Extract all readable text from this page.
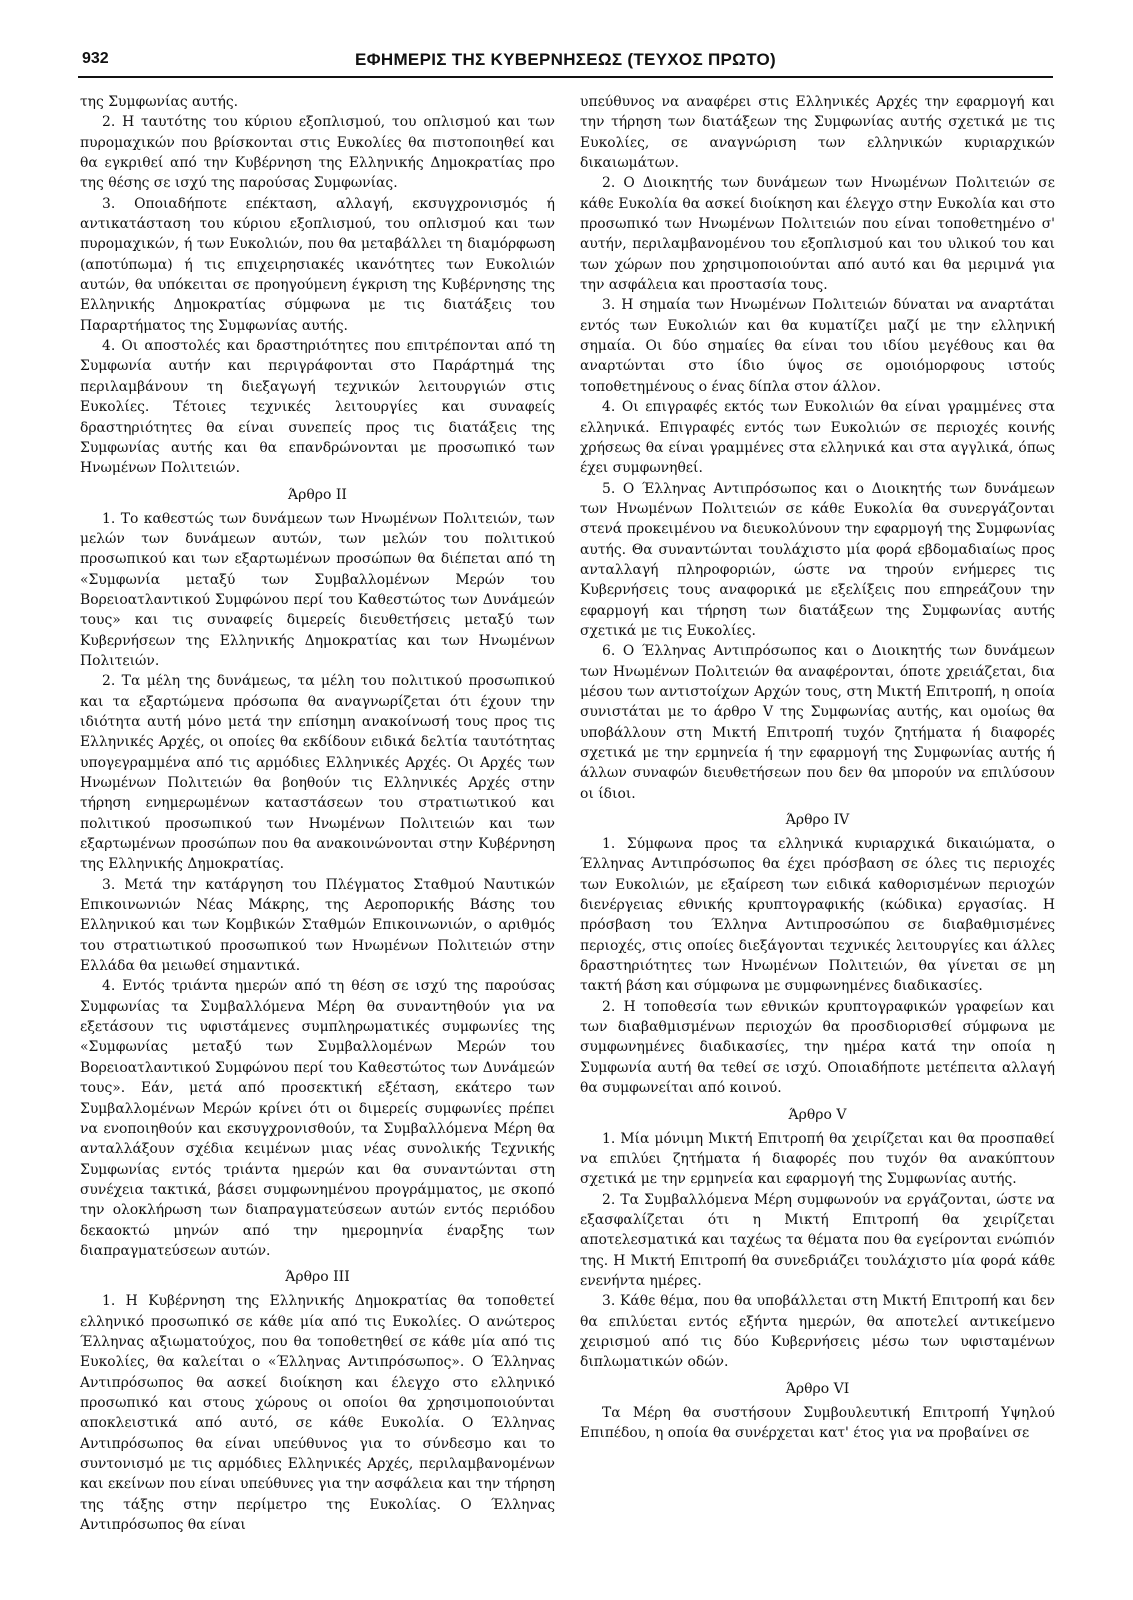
932	ΕΦΗΜΕΡΙΣ ΤΗΣ ΚΥΒΕΡΝΗΣΕΩΣ (ΤΕΥΧΟΣ ΠΡΩΤΟ)

της Συμφωνίας αυτής.

2. Η ταυτότης του κύριου εξοπλισμού, του οπλισμού και των πυρομαχικών που βρίσκονται στις Ευκολίες θα πιστοποιηθεί και θα εγκριθεί από την Κυβέρνηση της Ελληνικής Δημοκρατίας προ της θέσης σε ισχύ της παρούσας Συμφωνίας.

3. Οποιαδήποτε επέκταση, αλλαγή, εκσυγχρονισμός ή αντικατάσταση του κύριου εξοπλισμού, του οπλισμού και των πυρομαχικών, ή των Ευκολιών, που θα μεταβάλλει τη διαμόρφωση (αποτύπωμα) ή τις επιχειρησιακές ικανότητες των Ευκολιών αυτών, θα υπόκειται σε προηγούμενη έγκριση της Κυβέρνησης της Ελληνικής Δημοκρατίας σύμφωνα με τις διατάξεις του Παραρτήματος της Συμφωνίας αυτής.

4. Οι αποστολές και δραστηριότητες που επιτρέπονται από τη Συμφωνία αυτήν και περιγράφονται στο Παράρτημά της περιλαμβάνουν τη διεξαγωγή τεχνικών λειτουργιών στις Ευκολίες. Τέτοιες τεχνικές λειτουργίες και συναφείς δραστηριότητες θα είναι συνεπείς προς τις διατάξεις της Συμφωνίας αυτής και θα επανδρώνονται με προσωπικό των Ηνωμένων Πολιτειών.

Άρθρο ΙΙ

1. Το καθεστώς των δυνάμεων των Ηνωμένων Πολιτειών, των μελών των δυνάμεων αυτών, των μελών του πολιτικού προσωπικού και των εξαρτωμένων προσώπων θα διέπεται από τη «Συμφωνία μεταξύ των Συμβαλλομένων Μερών του Βορειοατλαντικού Συμφώνου περί του Καθεστώτος των Δυνάμεών τους» και τις συναφείς διμερείς διευθετήσεις μεταξύ των Κυβερνήσεων της Ελληνικής Δημοκρατίας και των Ηνωμένων Πολιτειών.

2. Τα μέλη της δυνάμεως, τα μέλη του πολιτικού προσωπικού και τα εξαρτώμενα πρόσωπα θα αναγνωρίζεται ότι έχουν την ιδιότητα αυτή μόνο μετά την επίσημη ανακοίνωσή τους προς τις Ελληνικές Αρχές, οι οποίες θα εκδίδουν ειδικά δελτία ταυτότητας υπογεγραμμένα από τις αρμόδιες Ελληνικές Αρχές. Οι Αρχές των Ηνωμένων Πολιτειών θα βοηθούν τις Ελληνικές Αρχές στην τήρηση ενημερωμένων καταστάσεων του στρατιωτικού και πολιτικού προσωπικού των Ηνωμένων Πολιτειών και των εξαρτωμένων προσώπων που θα ανακοινώνονται στην Κυβέρνηση της Ελληνικής Δημοκρατίας.

3. Μετά την κατάργηση του Πλέγματος Σταθμού Ναυτικών Επικοινωνιών Νέας Μάκρης, της Αεροπορικής Βάσης του Ελληνικού και των Κομβικών Σταθμών Επικοινωνιών, ο αριθμός του στρατιωτικού προσωπικού των Ηνωμένων Πολιτειών στην Ελλάδα θα μειωθεί σημαντικά.

4. Εντός τριάντα ημερών από τη θέση σε ισχύ της παρούσας Συμφωνίας τα Συμβαλλόμενα Μέρη θα συναντηθούν για να εξετάσουν τις υφιστάμενες συμπληρωματικές συμφωνίες της «Συμφωνίας μεταξύ των Συμβαλλομένων Μερών του Βορειοατλαντικού Συμφώνου περί του Καθεστώτος των Δυνάμεών τους». Εάν, μετά από προσεκτική εξέταση, εκάτερο των Συμβαλλομένων Μερών κρίνει ότι οι διμερείς συμφωνίες πρέπει να ενοποιηθούν και εκσυγχρονισθούν, τα Συμβαλλόμενα Μέρη θα ανταλλάξουν σχέδια κειμένων μιας νέας συνολικής Τεχνικής Συμφωνίας εντός τριάντα ημερών και θα συναντώνται στη συνέχεια τακτικά, βάσει συμφωνημένου προγράμματος, με σκοπό την ολοκλήρωση των διαπραγματεύσεων αυτών εντός περιόδου δεκαοκτώ μηνών από την ημερομηνία έναρξης των διαπραγματεύσεων αυτών.

Άρθρο ΙΙΙ

1. Η Κυβέρνηση της Ελληνικής Δημοκρατίας θα τοποθετεί ελληνικό προσωπικό σε κάθε μία από τις Ευκολίες. Ο ανώτερος Έλληνας αξιωματούχος, που θα τοποθετηθεί σε κάθε μία από τις Ευκολίες, θα καλείται ο «Έλληνας Αντιπρόσωπος». Ο Έλληνας Αντιπρόσωπος θα ασκεί διοίκηση και έλεγχο στο ελληνικό προσωπικό και στους χώρους οι οποίοι θα χρησιμοποιούνται αποκλειστικά από αυτό, σε κάθε Ευκολία. Ο Έλληνας Αντιπρόσωπος θα είναι υπεύθυνος για το σύνδεσμο και το συντονισμό με τις αρμόδιες Ελληνικές Αρχές, περιλαμβανομένων και εκείνων που είναι υπεύθυνες για την ασφάλεια και την τήρηση της τάξης στην περίμετρο της Ευκολίας. Ο Έλληνας Αντιπρόσωπος θα είναι

υπεύθυνος να αναφέρει στις Ελληνικές Αρχές την εφαρμογή και την τήρηση των διατάξεων της Συμφωνίας αυτής σχετικά με τις Ευκολίες, σε αναγνώριση των ελληνικών κυριαρχικών δικαιωμάτων.

2. Ο Διοικητής των δυνάμεων των Ηνωμένων Πολιτειών σε κάθε Ευκολία θα ασκεί διοίκηση και έλεγχο στην Ευκολία και στο προσωπικό των Ηνωμένων Πολιτειών που είναι τοποθετημένο σ' αυτήν, περιλαμβανομένου του εξοπλισμού και του υλικού του και των χώρων που χρησιμοποιούνται από αυτό και θα μεριμνά για την ασφάλεια και προστασία τους.

3. Η σημαία των Ηνωμένων Πολιτειών δύναται να αναρτάται εντός των Ευκολιών και θα κυματίζει μαζί με την ελληνική σημαία. Οι δύο σημαίες θα είναι του ιδίου μεγέθους και θα αναρτώνται στο ίδιο ύψος σε ομοιόμορφους ιστούς τοποθετημένους ο ένας δίπλα στον άλλον.

4. Οι επιγραφές εκτός των Ευκολιών θα είναι γραμμένες στα ελληνικά. Επιγραφές εντός των Ευκολιών σε περιοχές κοινής χρήσεως θα είναι γραμμένες στα ελληνικά και στα αγγλικά, όπως έχει συμφωνηθεί.

5. Ο Έλληνας Αντιπρόσωπος και ο Διοικητής των δυνάμεων των Ηνωμένων Πολιτειών σε κάθε Ευκολία θα συνεργάζονται στενά προκειμένου να διευκολύνουν την εφαρμογή της Συμφωνίας αυτής. Θα συναντώνται τουλάχιστο μία φορά εβδομαδιαίως προς ανταλλαγή πληροφοριών, ώστε να τηρούν ενήμερες τις Κυβερνήσεις τους αναφορικά με εξελίξεις που επηρεάζουν την εφαρμογή και τήρηση των διατάξεων της Συμφωνίας αυτής σχετικά με τις Ευκολίες.

6. Ο Έλληνας Αντιπρόσωπος και ο Διοικητής των δυνάμεων των Ηνωμένων Πολιτειών θα αναφέρονται, όποτε χρειάζεται, δια μέσου των αντιστοίχων Αρχών τους, στη Μικτή Επιτροπή, η οποία συνιστάται με το άρθρο V της Συμφωνίας αυτής, και ομοίως θα υποβάλλουν στη Μικτή Επιτροπή τυχόν ζητήματα ή διαφορές σχετικά με την ερμηνεία ή την εφαρμογή της Συμφωνίας αυτής ή άλλων συναφών διευθετήσεων που δεν θα μπορούν να επιλύσουν οι ίδιοι.

Άρθρο ΙV

1. Σύμφωνα προς τα ελληνικά κυριαρχικά δικαιώματα, ο Έλληνας Αντιπρόσωπος θα έχει πρόσβαση σε όλες τις περιοχές των Ευκολιών, με εξαίρεση των ειδικά καθορισμένων περιοχών διενέργειας εθνικής κρυπτογραφικής (κώδικα) εργασίας. Η πρόσβαση του Έλληνα Αντιπροσώπου σε διαβαθμισμένες περιοχές, στις οποίες διεξάγονται τεχνικές λειτουργίες και άλλες δραστηριότητες των Ηνωμένων Πολιτειών, θα γίνεται σε μη τακτή βάση και σύμφωνα με συμφωνημένες διαδικασίες.

2. Η τοποθεσία των εθνικών κρυπτογραφικών γραφείων και των διαβαθμισμένων περιοχών θα προσδιορισθεί σύμφωνα με συμφωνημένες διαδικασίες, την ημέρα κατά την οποία η Συμφωνία αυτή θα τεθεί σε ισχύ. Οποιαδήποτε μετέπειτα αλλαγή θα συμφωνείται από κοινού.

Άρθρο V

1. Μία μόνιμη Μικτή Επιτροπή θα χειρίζεται και θα προσπαθεί να επιλύει ζητήματα ή διαφορές που τυχόν θα ανακύπτουν σχετικά με την ερμηνεία και εφαρμογή της Συμφωνίας αυτής.

2. Τα Συμβαλλόμενα Μέρη συμφωνούν να εργάζονται, ώστε να εξασφαλίζεται ότι η Μικτή Επιτροπή θα χειρίζεται αποτελεσματικά και ταχέως τα θέματα που θα εγείρονται ενώπιόν της. Η Μικτή Επιτροπή θα συνεδριάζει τουλάχιστο μία φορά κάθε ενενήντα ημέρες.

3. Κάθε θέμα, που θα υποβάλλεται στη Μικτή Επιτροπή και δεν θα επιλύεται εντός εξήντα ημερών, θα αποτελεί αντικείμενο χειρισμού από τις δύο Κυβερνήσεις μέσω των υφισταμένων διπλωματικών οδών.

Άρθρο VΙ

Τα Μέρη θα συστήσουν Συμβουλευτική Επιτροπή Υψηλού Επιπέδου, η οποία θα συνέρχεται κατ' έτος για να προβαίνει σε
